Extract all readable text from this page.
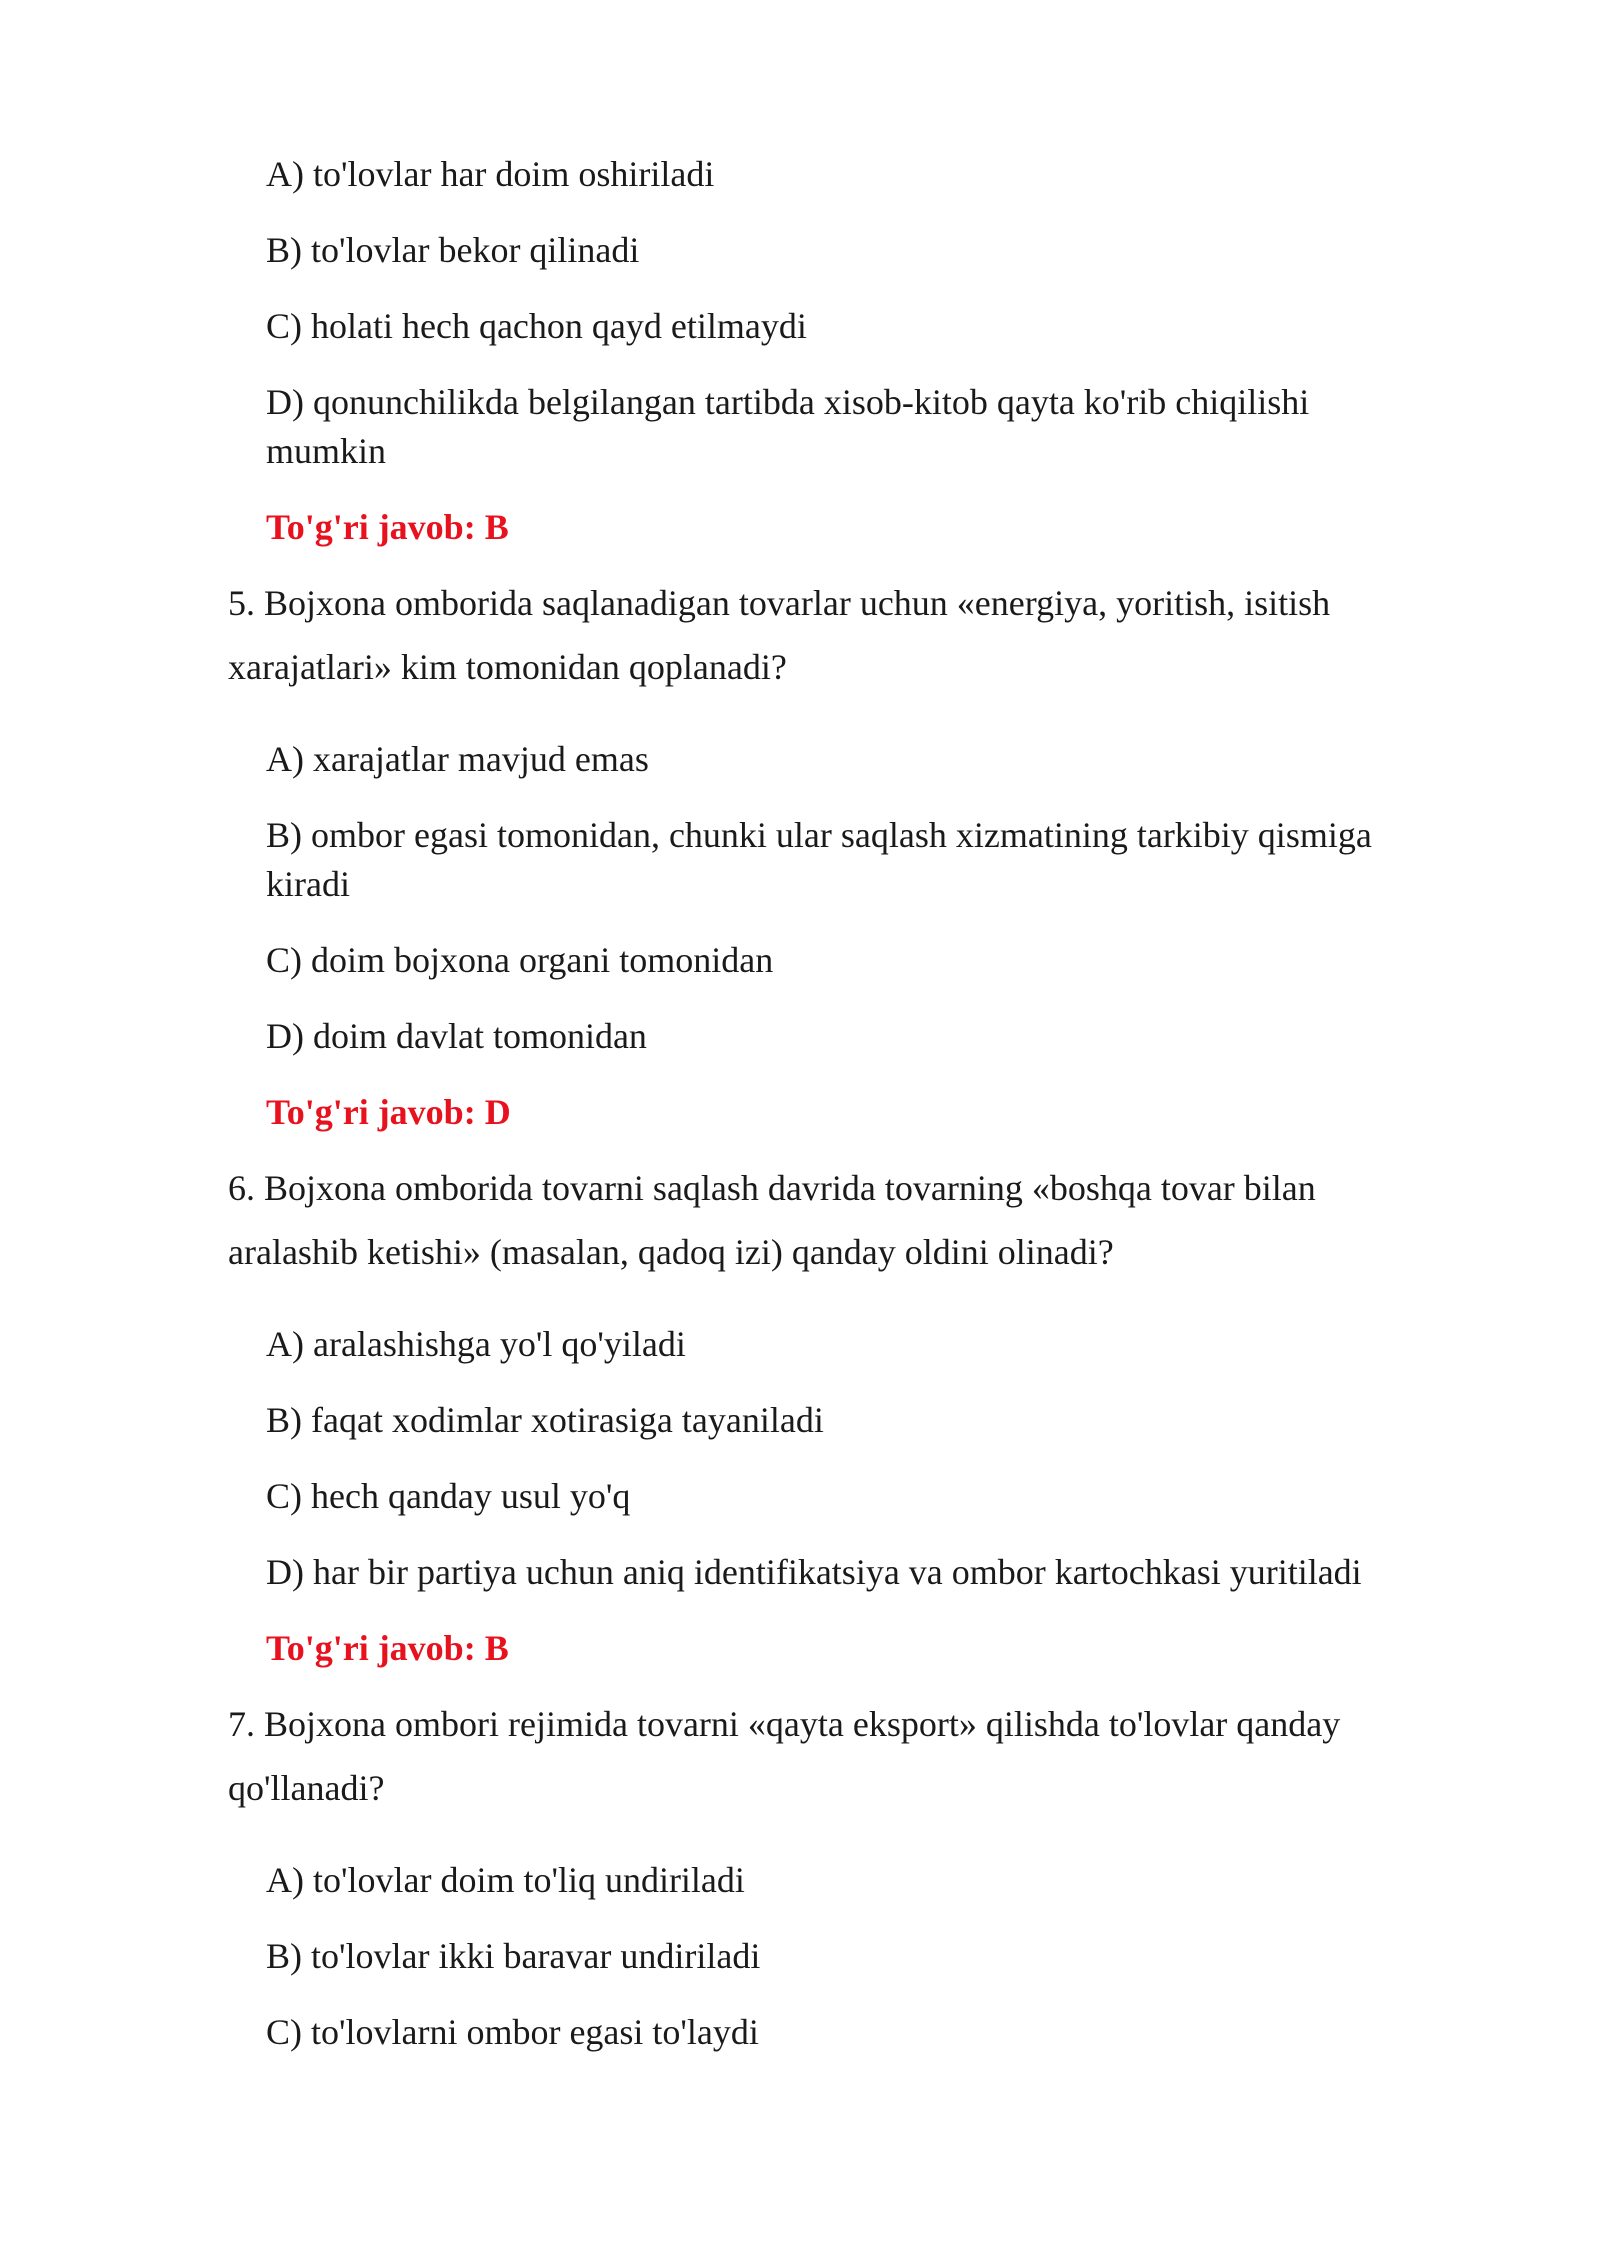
A) to'lovlar har doim oshiriladi

B) to'lovlar bekor qilinadi

C) holati hech qachon qayd etilmaydi

D) qonunchilikda belgilangan tartibda xisob-kitob qayta ko'rib chiqilishi

mumkin

To'g'ri javob: B

5. Bojxona omborida saqlanadigan tovarlar uchun «energiya, yoritish, isitish

xarajatlari» kim tomonidan qoplanadi?

A) xarajatlar mavjud emas

B) ombor egasi tomonidan, chunki ular saqlash xizmatining tarkibiy qismiga

kiradi

C) doim bojxona organi tomonidan

D) doim davlat tomonidan

To'g'ri javob: D

6. Bojxona omborida tovarni saqlash davrida tovarning «boshqa tovar bilan

aralashib ketishi» (masalan, qadoq izi) qanday oldini olinadi?

A) aralashishga yo'l qo'yiladi

B) faqat xodimlar xotirasiga tayaniladi

C) hech qanday usul yo'q

D) har bir partiya uchun aniq identifikatsiya va ombor kartochkasi yuritiladi

To'g'ri javob: B

7. Bojxona ombori rejimida tovarni «qayta eksport» qilishda to'lovlar qanday

qo'llanadi?

A) to'lovlar doim to'liq undiriladi

B) to'lovlar ikki baravar undiriladi

C) to'lovlarni ombor egasi to'laydi
